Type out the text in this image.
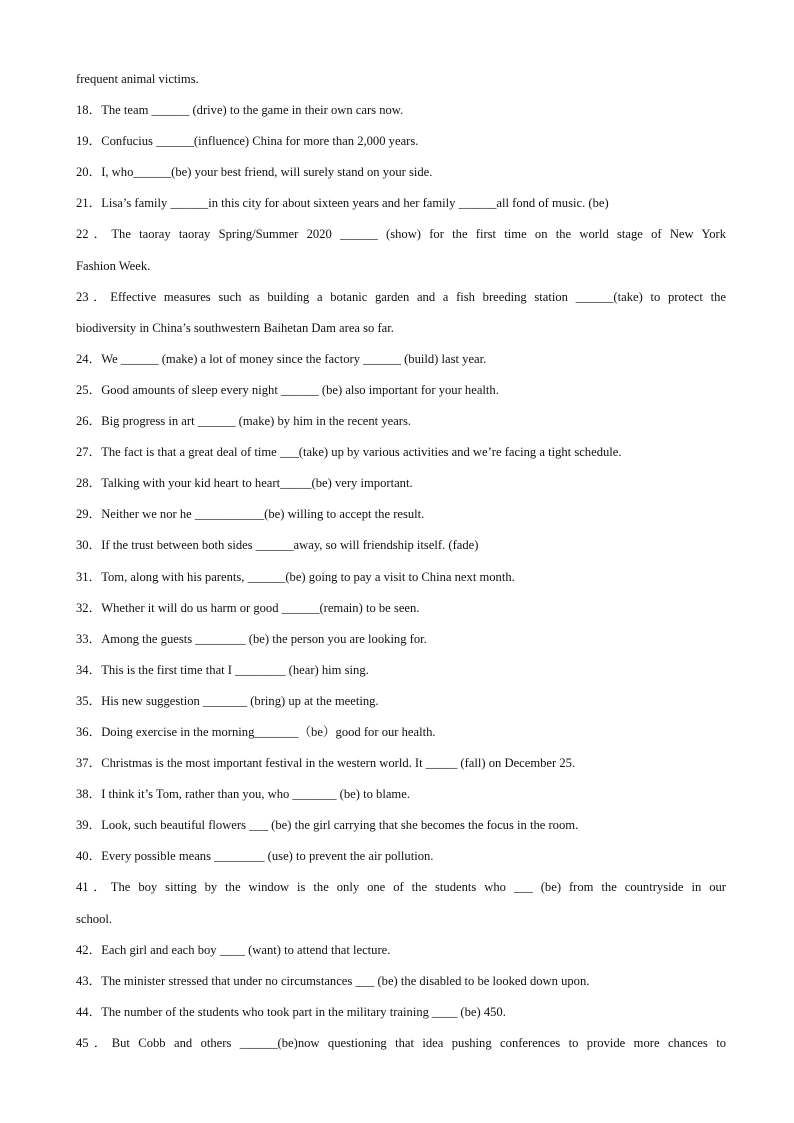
frequent animal victims.
18．The team ______ (drive) to the game in their own cars now.
19．Confucius ______(influence) China for more than 2,000 years.
20．I, who______(be) your best friend, will surely stand on your side.
21．Lisa’s family ______in this city for about sixteen years and her family ______all fond of music. (be)
22．The taoray taoray Spring/Summer 2020 ______ (show) for the first time on the world stage of New York
Fashion Week.
23．Effective measures such as building a botanic garden and a fish breeding station ______(take) to protect the
biodiversity in China’s southwestern Baihetan Dam area so far.
24．We ______ (make) a lot of money since the factory ______ (build) last year.
25．Good amounts of sleep every night ______ (be) also important for your health.
26．Big progress in art ______ (make) by him in the recent years.
27．The fact is that a great deal of time ___(take) up by various activities and we’re facing a tight schedule.
28．Talking with your kid heart to heart_____(be) very important.
29．Neither we nor he ___________(be) willing to accept the result.
30．If the trust between both sides ______away, so will friendship itself. (fade)
31．Tom, along with his parents, ______(be) going to pay a visit to China next month.
32．Whether it will do us harm or good ______(remain) to be seen.
33．Among the guests ________ (be) the person you are looking for.
34．This is the first time that I ________ (hear) him sing.
35．His new suggestion _______ (bring) up at the meeting.
36．Doing exercise in the morning_______（be）good for our health.
37．Christmas is the most important festival in the western world. It _____ (fall) on December 25.
38．I think it’s Tom, rather than you, who _______ (be) to blame.
39．Look, such beautiful flowers ___ (be) the girl carrying that she becomes the focus in the room.
40．Every possible means ________ (use) to prevent the air pollution.
41．The boy sitting by the window is the only one of the students who ___ (be) from the countryside in our
school.
42．Each girl and each boy ____ (want) to attend that lecture.
43．The minister stressed that under no circumstances ___ (be) the disabled to be looked down upon.
44．The number of the students who took part in the military training ____ (be) 450.
45．But Cobb and others ______(be)now questioning that idea pushing conferences to provide more chances to
